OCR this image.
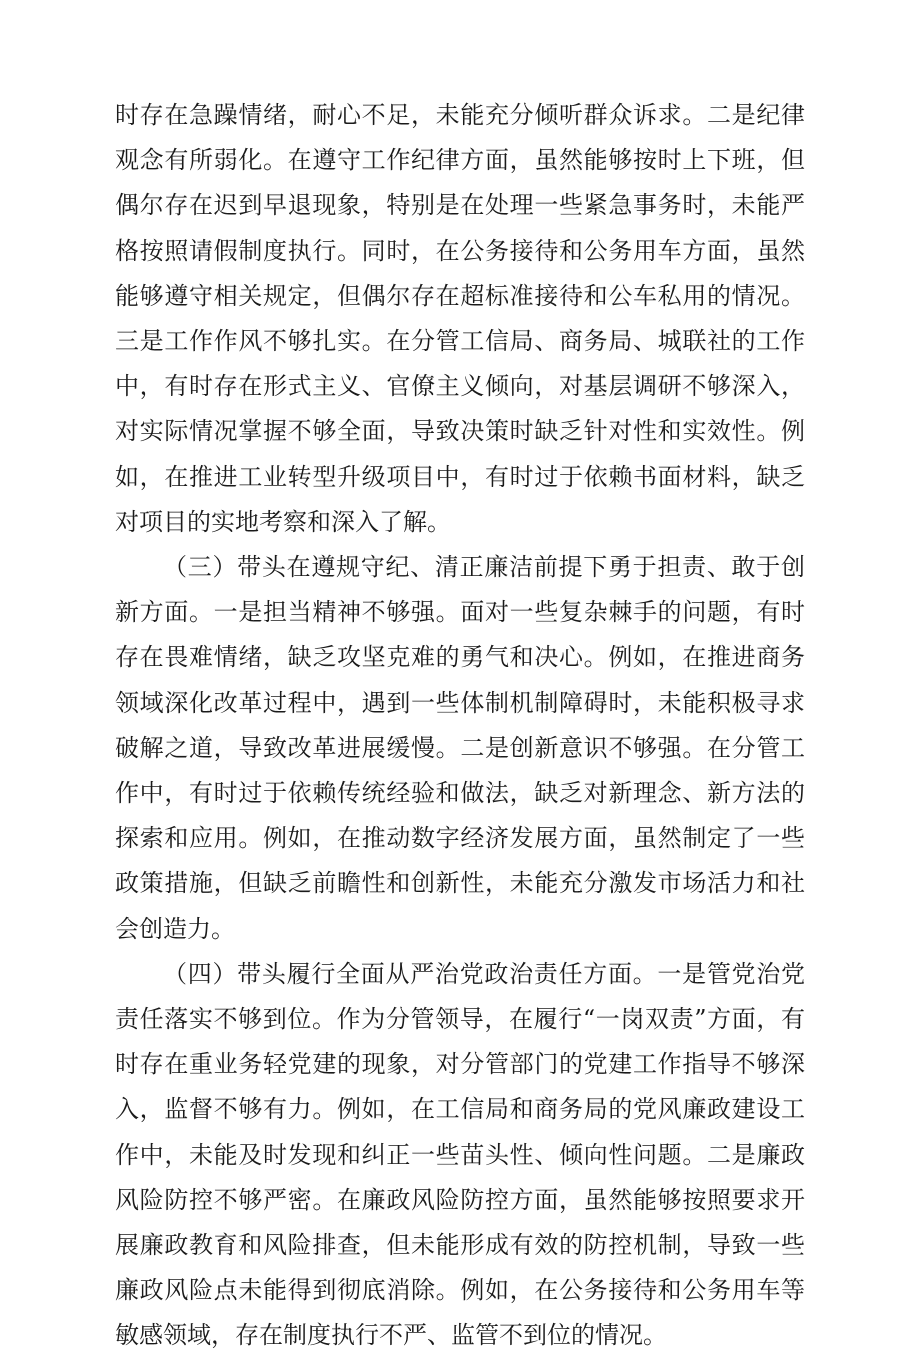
时存在急躁情绪，耐心不足，未能充分倾听群众诉求。二是纪律观念有所弱化。在遵守工作纪律方面，虽然能够按时上下班，但偶尔存在迟到早退现象，特别是在处理一些紧急事务时，未能严格按照请假制度执行。同时，在公务接待和公务用车方面，虽然能够遵守相关规定，但偶尔存在超标准接待和公车私用的情况。三是工作作风不够扎实。在分管工信局、商务局、城联社的工作中，有时存在形式主义、官僚主义倾向，对基层调研不够深入，对实际情况掌握不够全面，导致决策时缺乏针对性和实效性。例如，在推进工业转型升级项目中，有时过于依赖书面材料，缺乏对项目的实地考察和深入了解。

（三）带头在遵规守纪、清正廉洁前提下勇于担责、敢于创新方面。一是担当精神不够强。面对一些复杂棘手的问题，有时存在畏难情绪，缺乏攻坚克难的勇气和决心。例如，在推进商务领域深化改革过程中，遇到一些体制机制障碍时，未能积极寻求破解之道，导致改革进展缓慢。二是创新意识不够强。在分管工作中，有时过于依赖传统经验和做法，缺乏对新理念、新方法的探索和应用。例如，在推动数字经济发展方面，虽然制定了一些政策措施，但缺乏前瞻性和创新性，未能充分激发市场活力和社会创造力。

（四）带头履行全面从严治党政治责任方面。一是管党治党责任落实不够到位。作为分管领导，在履行“一岗双责”方面，有时存在重业务轻党建的现象，对分管部门的党建工作指导不够深入，监督不够有力。例如，在工信局和商务局的党风廉政建设工作中，未能及时发现和纠正一些苗头性、倾向性问题。二是廉政风险防控不够严密。在廉政风险防控方面，虽然能够按照要求开展廉政教育和风险排查，但未能形成有效的防控机制，导致一些廉政风险点未能得到彻底消除。例如，在公务接待和公务用车等敏感领域，存在制度执行不严、监管不到位的情况。
